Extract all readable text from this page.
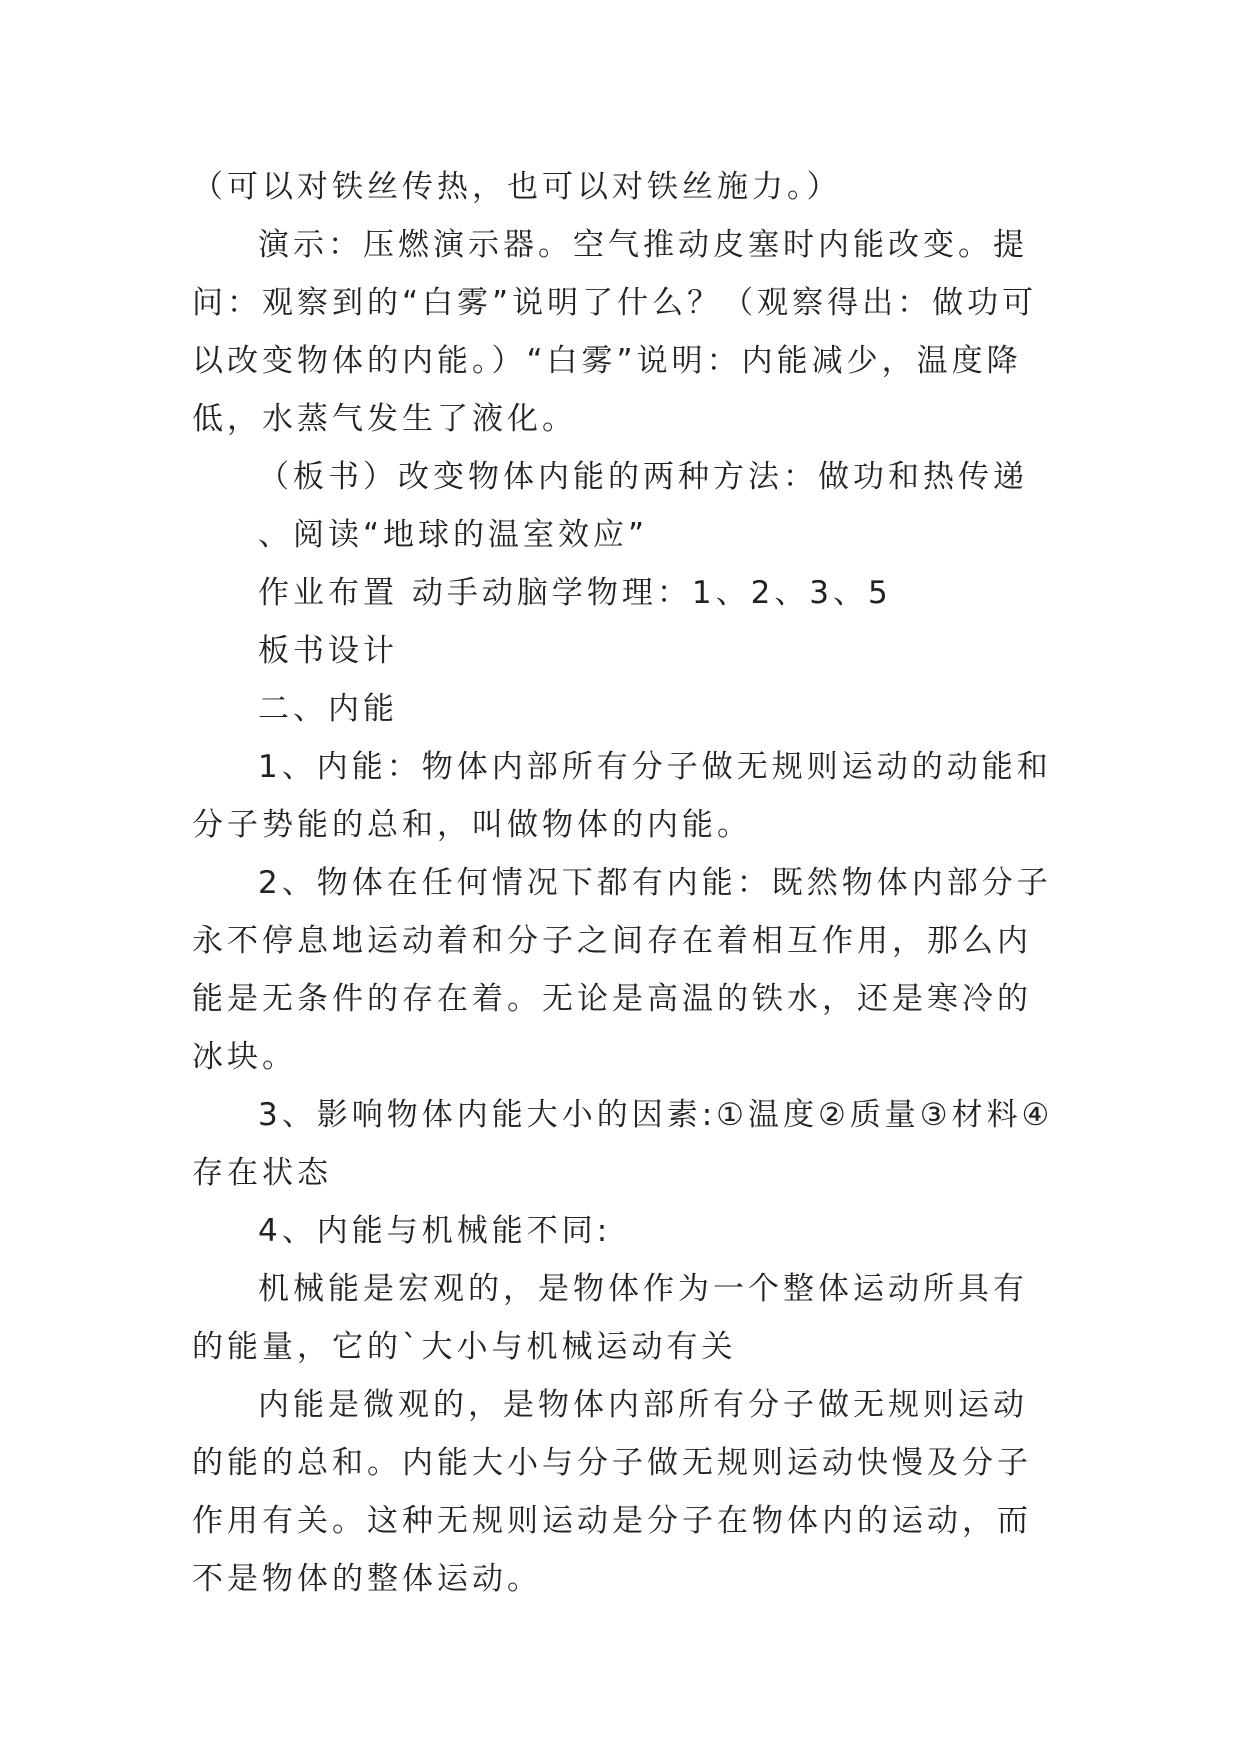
（可以对铁丝传热，也可以对铁丝施力。）

演示：压燃演示器。空气推动皮塞时内能改变。提问：观察到的“白雾”说明了什么？（观察得出：做功可以改变物体的内能。）“白雾”说明：内能减少，温度降低，水蒸气发生了液化。

（板书）改变物体内能的两种方法：做功和热传递

、阅读“地球的温室效应”

作业布置 动手动脑学物理：1、2、3、5

板书设计

二、内能

1、内能：物体内部所有分子做无规则运动的动能和分子势能的总和，叫做物体的内能。

2、物体在任何情况下都有内能：既然物体内部分子永不停息地运动着和分子之间存在着相互作用，那么内能是无条件的存在着。无论是高温的铁水，还是寒冷的冰块。

3、影响物体内能大小的因素:①温度②质量③材料④存在状态

4、内能与机械能不同:

机械能是宏观的，是物体作为一个整体运动所具有的能量，它的`大小与机械运动有关

内能是微观的，是物体内部所有分子做无规则运动的能的总和。内能大小与分子做无规则运动快慢及分子作用有关。这种无规则运动是分子在物体内的运动，而不是物体的整体运动。
